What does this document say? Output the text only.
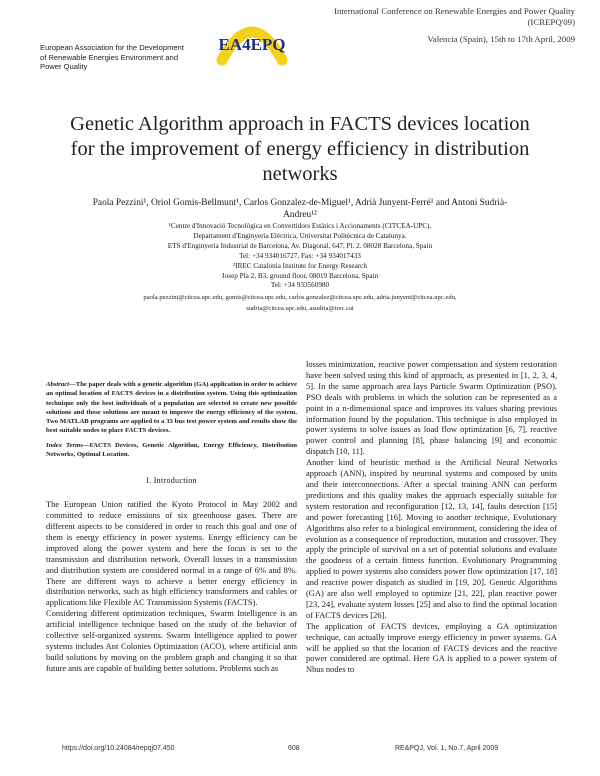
European Association for the Development of Renewable Energies Environment and Power Quality
EA4EPQ
International Conference on Renewable Energies and Power Quality (ICREPQ'09)
Valencia (Spain), 15th to 17th April, 2009
Genetic Algorithm approach in FACTS devices location for the improvement of energy efficiency in distribution networks
Paola Pezzini¹, Oriol Gomis-Bellmunt¹, Carlos Gonzalez-de-Miguel¹, Adrià Junyent-Ferré¹ and Antoni Sudrià-Andreu¹²
¹Centre d'Innovació Tecnològica en Convertidors Estàtics i Accionaments (CITCEA-UPC),
Departament d'Enginyeria Elèctrica, Universitat Politècnica de Catalunya.
ETS d'Enginyeria Industrial de Barcelona, Av. Diagonal, 647, Pl. 2. 08028 Barcelona, Spain
Tel: +34 934016727, Fax: +34 934017433
²IREC Catalonia Institute for Energy Research
Josep Pla 2, B3, ground floor, 08019 Barcelona, Spain
Tel: +34 933560980
paola.pezzini@citcea.upc.edu, gomis@citcea.upc.edu, carlos.gonzalez@citcea.upc.edu, adria.junyent@citcea.upc.edu,
sudria@citcea.upc.edu, asudria@irec.cat
Abstract—The paper deals with a genetic algorithm (GA) application in order to achieve an optimal location of FACTS devices in a distribution system. Using this optimization technique only the best individuals of a population are selected to create new possible solutions and these solutions are meant to improve the energy efficiency of the system. Two MATLAB programs are applied to a 33 bus test power system and results show the best suitable nodes to place FACTS devices.
Index Terms—FACTS Devices, Genetic Algorithm, Energy Efficiency, Distribution Networks, Optimal Location.
I. Introduction
The European Union ratified the Kyoto Protocol in May 2002 and committed to reduce emissions of six greenhouse gases. There are different aspects to be considered in order to reach this goal and one of them is energy efficiency in power systems. Energy efficiency can be improved along the power system and here the focus is set to the transmission and distribution network. Overall losses in a transmission and distribution system are considered normal in a range of 6% and 8%. There are different ways to achieve a better energy efficiency in distribution networks, such as high efficiency transformers and cables or applications like Flexible AC Transmission Systems (FACTS).
Considering different optimization techniques, Swarm Intelligence is an artificial intelligence technique based on the study of the behavior of collective self-organized systems. Swarm Intelligence applied to power systems includes Ant Colonies Optimization (ACO), where artificial ants build solutions by moving on the problem graph and changing it so that future ants are capable of building better solutions. Problems such as
losses minimization, reactive power compensation and system restoration have been solved using this kind of approach, as presented in [1, 2, 3, 4, 5]. In the same approach area lays Particle Swarm Optimization (PSO). PSO deals with problems in which the solution can be represented as a point in a n-dimensional space and improves its values sharing previous information found by the population. This technique is also employed in power systems to solve issues as load flow optimization [6, 7], reactive power control and planning [8], phase balancing [9] and economic dispatch [10, 11].
Another kind of heuristic method is the Artificial Neural Networks approach (ANN), inspired by neuronal systems and composed by units and their interconnections. After a special training ANN can perform predictions and this quality makes the approach especially suitable for system restoration and reconfiguration [12, 13, 14], faults detection [15] and power forecasting [16]. Moving to another technique, Evolutionary Algorithms also refer to a biological environment, considering the idea of evolution as a consequence of reproduction, mutation and crossover. They apply the principle of survival on a set of potential solutions and evaluate the goodness of a certain fitness function. Evolutionary Programming applied to power systems also considers power flow optimization [17, 18] and reactive power dispatch as studied in [19, 20]. Genetic Algorithms (GA) are also well employed to optimize [21, 22], plan reactive power [23, 24], evaluate system losses [25] and also to find the optimal location of FACTS devices [26].
The application of FACTS devices, employing a GA optimization technique, can actually improve energy efficiency in power systems. GA will be applied so that the location of FACTS devices and the reactive power considered are optimal. Here GA is applied to a power system of Nbus nodes to
https://doi.org/10.24084/repqj07.450	608	RE&PQJ, Vol. 1, No.7, April 2009
